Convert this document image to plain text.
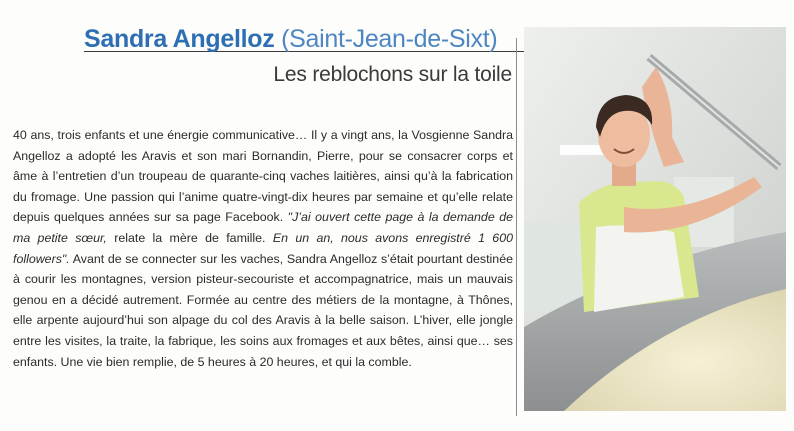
Sandra Angelloz (Saint-Jean-de-Sixt)
Les reblochons sur la toile
40 ans, trois enfants et une énergie communicative… Il y a vingt ans, la Vosgienne Sandra Angelloz a adopté les Aravis et son mari Bornandin, Pierre, pour se consacrer corps et âme à l’entretien d’un troupeau de quarante-cinq vaches laitières, ainsi qu’à la fabrication du fromage. Une passion qui l’anime quatre-vingt-dix heures par semaine et qu’elle relate depuis quelques années sur sa page Facebook. "J’ai ouvert cette page à la demande de ma petite sœur, relate la mère de famille. En un an, nous avons enregistré 1 600 followers". Avant de se connecter sur les vaches, Sandra Angelloz s’était pourtant destinée à courir les montagnes, version pisteur-secouriste et accompagnatrice, mais un mauvais genou en a décidé autrement. Formée au centre des métiers de la montagne, à Thônes, elle arpente aujourd’hui son alpage du col des Aravis à la belle saison. L’hiver, elle jongle entre les visites, la traite, la fabrique, les soins aux fromages et aux bêtes, ainsi que… ses enfants. Une vie bien remplie, de 5 heures à 20 heures, et qui la comble.
